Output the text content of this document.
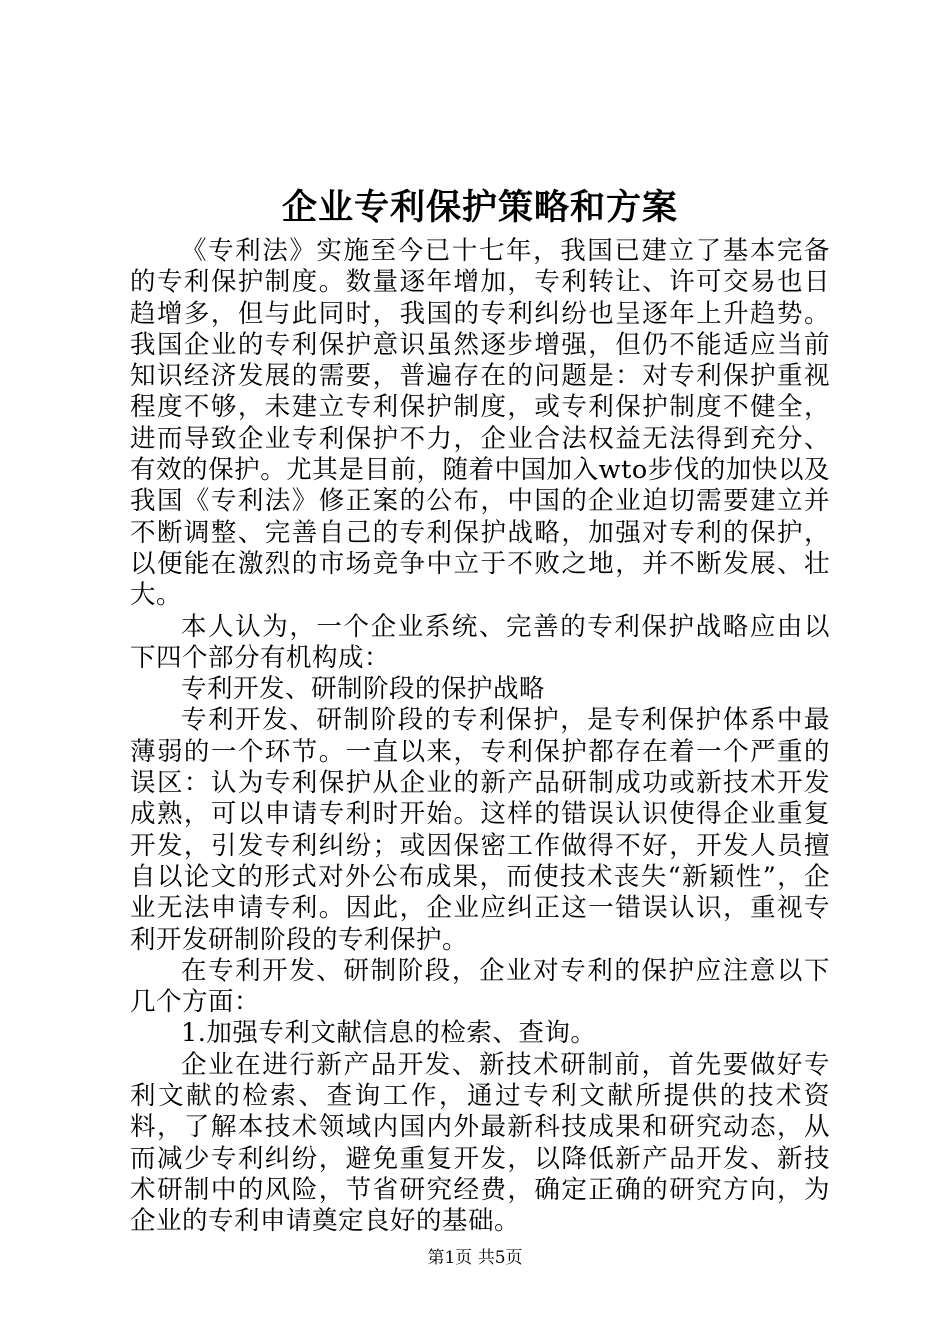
企业专利保护策略和方案

《专利法》实施至今已十七年，我国已建立了基本完备的专利保护制度。数量逐年增加，专利转让、许可交易也日趋增多，但与此同时，我国的专利纠纷也呈逐年上升趋势。我国企业的专利保护意识虽然逐步增强，但仍不能适应当前知识经济发展的需要，普遍存在的问题是：对专利保护重视程度不够，未建立专利保护制度，或专利保护制度不健全，进而导致企业专利保护不力，企业合法权益无法得到充分、有效的保护。尤其是目前，随着中国加入wto步伐的加快以及我国《专利法》修正案的公布，中国的企业迫切需要建立并不断调整、完善自己的专利保护战略，加强对专利的保护，以便能在激烈的市场竞争中立于不败之地，并不断发展、壮大。

本人认为，一个企业系统、完善的专利保护战略应由以下四个部分有机构成：

专利开发、研制阶段的保护战略

专利开发、研制阶段的专利保护，是专利保护体系中最薄弱的一个环节。一直以来，专利保护都存在着一个严重的误区：认为专利保护从企业的新产品研制成功或新技术开发成熟，可以申请专利时开始。这样的错误认识使得企业重复开发，引发专利纠纷；或因保密工作做得不好，开发人员擅自以论文的形式对外公布成果，而使技术丧失“新颖性”，企业无法申请专利。因此，企业应纠正这一错误认识，重视专利开发研制阶段的专利保护。

在专利开发、研制阶段，企业对专利的保护应注意以下几个方面：

1.加强专利文献信息的检索、查询。

企业在进行新产品开发、新技术研制前，首先要做好专利文献的检索、查询工作，通过专利文献所提供的技术资料，了解本技术领域内国内外最新科技成果和研究动态，从而减少专利纠纷，避免重复开发，以降低新产品开发、新技术研制中的风险，节省研究经费，确定正确的研究方向，为企业的专利申请奠定良好的基础。

第1页 共5页
